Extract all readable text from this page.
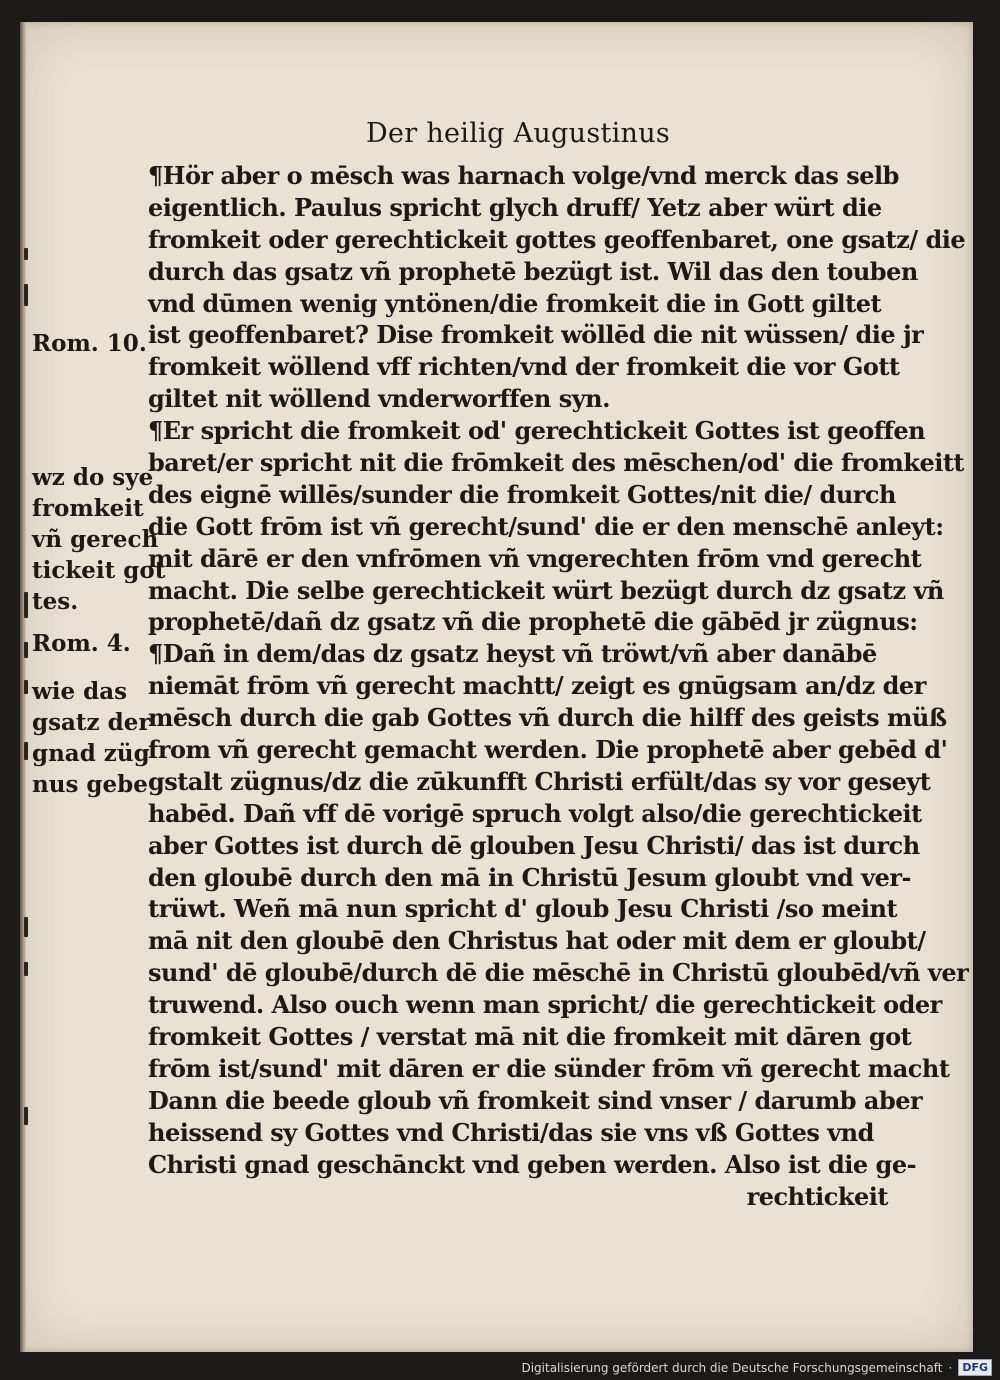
Der heilig Augustinus
¶Hör aber o mēsch was harnach volge/vnd merck das selb
eigentlich. Paulus spricht glych druff/ Yetz aber würt die
fromkeit oder gerechtickeit gottes geoffenbaret, one gsatz/ die
durch das gsatz vñ prophetē bezügt ist. Wil das den touben
vnd dūmen wenig yntönen/die fromkeit die in Gott giltet
ist geoffenbaret? Dise fromkeit wöllēd die nit wüssen/ die jr
fromkeit wöllend vff richten/vnd der fromkeit die vor Gott
giltet nit wöllend vnderworffen syn.
¶Er spricht die fromkeit od' gerechtickeit Gottes ist geoffen
baret/er spricht nit die frōmkeit des mēschen/od' die fromkeitt
des eignē willēs/sunder die fromkeit Gottes/nit die/ durch
die Gott frōm ist vñ gerecht/sund' die er den menschē anleyt:
mit dārē er den vnfrōmen vñ vngerechten frōm vnd gerecht
macht. Die selbe gerechtickeit würt bezügt durch dz gsatz vñ
prophetē/dañ dz gsatz vñ die prophetē die gābēd jr zügnus:
¶Dañ in dem/das dz gsatz heyst vñ tröwt/vñ aber danābē
niemāt frōm vñ gerecht machtt/ zeigt es gnūgsam an/dz der
mēsch durch die gab Gottes vñ durch die hilff des geists müß
from vñ gerecht gemacht werden. Die prophetē aber gebēd d'
gstalt zügnus/dz die zūkunfft Christi erfült/das sy vor geseyt
habēd. Dañ vff dē vorigē spruch volgt also/die gerechtickeit
aber Gottes ist durch dē glouben Jesu Christi/ das ist durch
den gloubē durch den mā in Christū Jesum gloubt vnd ver-
trüwt. Weñ mā nun spricht d' gloub Jesu Christi /so meint
mā nit den gloubē den Christus hat oder mit dem er gloubt/
sund' dē gloubē/durch dē die mēschē in Christū gloubēd/vñ ver
truwend. Also ouch wenn man spricht/ die gerechtickeit oder
fromkeit Gottes / verstat mā nit die fromkeit mit dāren got
frōm ist/sund' mit dāren er die sünder frōm vñ gerecht macht
Dann die beede gloub vñ fromkeit sind vnser / darumb aber
heissend sy Gottes vnd Christi/das sie vns vß Gottes vnd
Christi gnad geschānckt vnd geben werden. Also ist die ge-
rechtickeit
Rom. 10.
wz do sye
fromkeit
vñ gerech
tickeit got
tes.
Rom. 4.
wie das
gsatz der
gnad züg
nus gebe
Digitalisierung gefördert durch die Deutsche Forschungsgemeinschaft · DFG
